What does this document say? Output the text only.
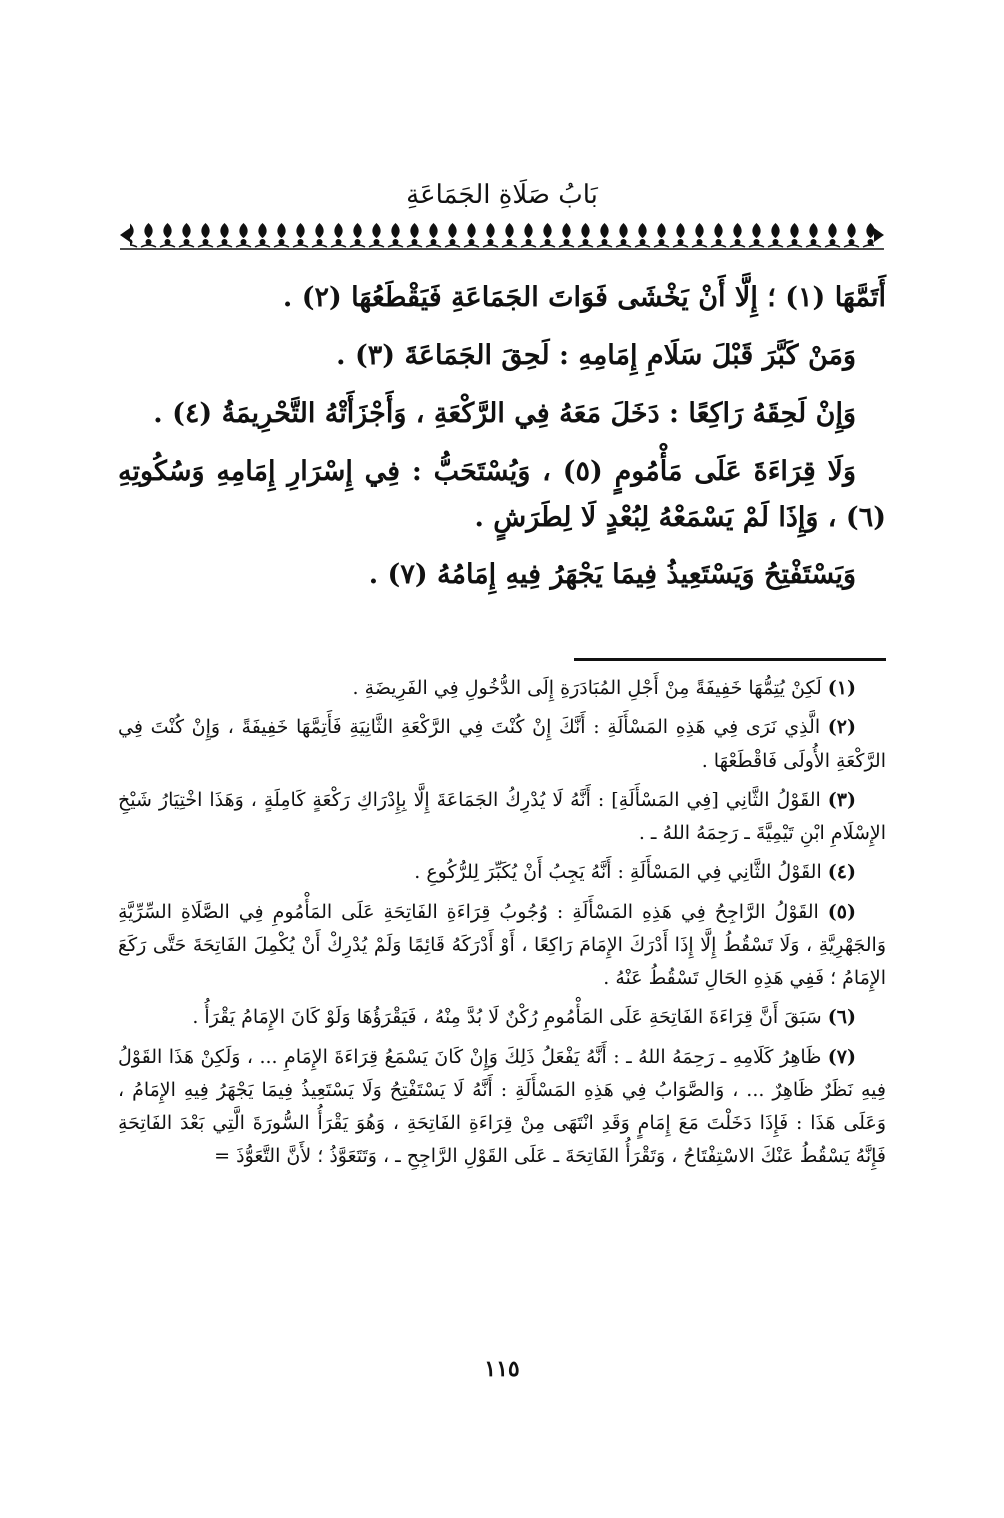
بَابُ صَلَاةِ الجَمَاعَةِ

أَتَمَّهَا (١) ؛ إِلَّا أَنْ يَخْشَى فَوَاتَ الجَمَاعَةِ فَيَقْطَعُهَا (٢) .

وَمَنْ كَبَّرَ قَبْلَ سَلَامِ إِمَامِهِ : لَحِقَ الجَمَاعَةَ (٣) .

وَإِنْ لَحِقَهُ رَاكِعًا : دَخَلَ مَعَهُ فِي الرَّكْعَةِ ، وَأَجْزَأَتْهُ التَّحْرِيمَةُ (٤) .

وَلَا قِرَاءَةَ عَلَى مَأْمُومٍ (٥) ، وَيُسْتَحَبُّ : فِي إِسْرَارِ إِمَامِهِ وَسُكُوتِهِ (٦) ، وَإِذَا لَمْ يَسْمَعْهُ لِبُعْدٍ لَا لِطَرَشٍ .

وَيَسْتَفْتِحُ وَيَسْتَعِيذُ فِيمَا يَجْهَرُ فِيهِ إِمَامُهُ (٧) .

(١) لَكِنْ يُتِمُّهَا خَفِيفَةً مِنْ أَجْلِ المُبَادَرَةِ إِلَى الدُّخُولِ فِي الفَرِيضَةِ .

(٢) الَّذِي نَرَى فِي هَذِهِ المَسْأَلَةِ : أَنَّكَ إِنْ كُنْتَ فِي الرَّكْعَةِ الثَّانِيَةِ فَأَتِمَّهَا خَفِيفَةً ، وَإِنْ كُنْتَ فِي الرَّكْعَةِ الأُولَى فَاقْطَعْهَا .

(٣) القَوْلُ الثَّانِي [فِي المَسْأَلَةِ] : أَنَّهُ لَا يُدْرِكُ الجَمَاعَةَ إِلَّا بِإِدْرَاكِ رَكْعَةٍ كَامِلَةٍ ، وَهَذَا اخْتِيَارُ شَيْخِ الإِسْلَامِ ابْنِ تَيْمِيَّةَ ـ رَحِمَهُ اللهُ ـ .

(٤) القَوْلُ الثَّانِي فِي المَسْأَلَةِ : أَنَّهُ يَجِبُ أَنْ يُكَبِّرَ لِلرُّكُوعِ .

(٥) القَوْلُ الرَّاجِحُ فِي هَذِهِ المَسْأَلَةِ : وُجُوبُ قِرَاءَةِ الفَاتِحَةِ عَلَى المَأْمُومِ فِي الصَّلَاةِ السِّرِّيَّةِ وَالجَهْرِيَّةِ ، وَلَا تَسْقُطُ إِلَّا إِذَا أَدْرَكَ الإِمَامَ رَاكِعًا ، أَوْ أَدْرَكَهُ قَائِمًا وَلَمْ يُدْرِكْ أَنْ يُكْمِلَ الفَاتِحَةَ حَتَّى رَكَعَ الإِمَامُ ؛ فَفِي هَذِهِ الحَالِ تَسْقُطُ عَنْهُ .

(٦) سَبَقَ أَنَّ قِرَاءَةَ الفَاتِحَةِ عَلَى المَأْمُومِ رُكْنٌ لَا بُدَّ مِنْهُ ، فَيَقْرَؤُهَا وَلَوْ كَانَ الإِمَامُ يَقْرَأُ .

(٧) ظَاهِرُ كَلَامِهِ ـ رَحِمَهُ اللهُ ـ : أَنَّهُ يَفْعَلُ ذَلِكَ وَإِنْ كَانَ يَسْمَعُ قِرَاءَةَ الإِمَامِ ... ، وَلَكِنْ هَذَا القَوْلُ فِيهِ نَظَرٌ ظَاهِرٌ ... ، وَالصَّوَابُ فِي هَذِهِ المَسْأَلَةِ : أَنَّهُ لَا يَسْتَفْتِحُ وَلَا يَسْتَعِيذُ فِيمَا يَجْهَرُ فِيهِ الإِمَامُ ، وَعَلَى هَذَا : فَإِذَا دَخَلْتَ مَعَ إِمَامٍ وَقَدِ انْتَهَى مِنْ قِرَاءَةِ الفَاتِحَةِ ، وَهُوَ يَقْرَأُ السُّورَةَ الَّتِي بَعْدَ الفَاتِحَةِ فَإِنَّهُ يَسْقُطُ عَنْكَ الاسْتِفْتَاحُ ، وَتَقْرَأُ الفَاتِحَةَ ـ عَلَى القَوْلِ الرَّاجِحِ ـ ، وَتَتَعَوَّذُ ؛ لأَنَّ التَّعَوُّذَ =

١١٥
